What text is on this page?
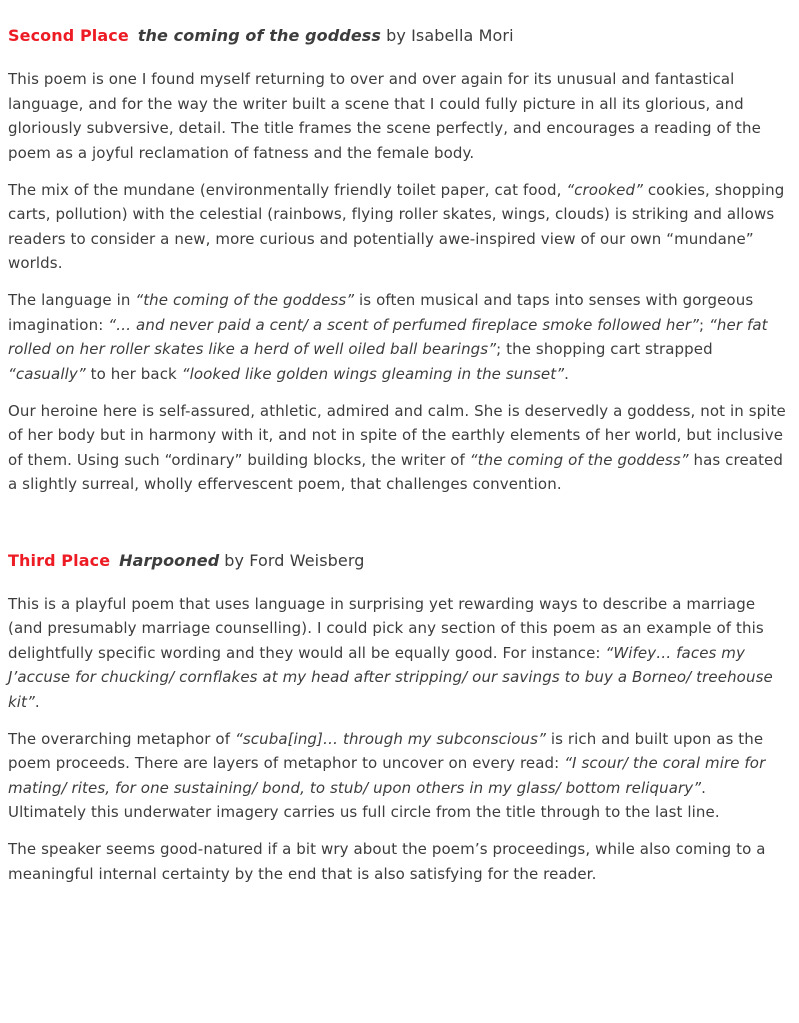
Second Place the coming of the goddess by Isabella Mori

This poem is one I found myself returning to over and over again for its unusual and fantastical language, and for the way the writer built a scene that I could fully picture in all its glorious, and gloriously subversive, detail. The title frames the scene perfectly, and encourages a reading of the poem as a joyful reclamation of fatness and the female body.

The mix of the mundane (environmentally friendly toilet paper, cat food, “crooked” cookies, shopping carts, pollution) with the celestial (rainbows, flying roller skates, wings, clouds) is striking and allows readers to consider a new, more curious and potentially awe-inspired view of our own “mundane” worlds.

The language in “the coming of the goddess” is often musical and taps into senses with gorgeous imagination: “… and never paid a cent/ a scent of perfumed fireplace smoke followed her”; “her fat rolled on her roller skates like a herd of well oiled ball bearings”; the shopping cart strapped “casually” to her back “looked like golden wings gleaming in the sunset”.

Our heroine here is self-assured, athletic, admired and calm. She is deservedly a goddess, not in spite of her body but in harmony with it, and not in spite of the earthly elements of her world, but inclusive of them. Using such “ordinary” building blocks, the writer of “the coming of the goddess” has created a slightly surreal, wholly effervescent poem, that challenges convention.

Third Place Harpooned by Ford Weisberg

This is a playful poem that uses language in surprising yet rewarding ways to describe a marriage (and presumably marriage counselling). I could pick any section of this poem as an example of this delightfully specific wording and they would all be equally good. For instance: “Wifey… faces my J’accuse for chucking/ cornflakes at my head after stripping/ our savings to buy a Borneo/ treehouse kit”.

The overarching metaphor of “scuba[ing]… through my subconscious” is rich and built upon as the poem proceeds. There are layers of metaphor to uncover on every read: “I scour/ the coral mire for mating/ rites, for one sustaining/ bond, to stub/ upon others in my glass/ bottom reliquary”. Ultimately this underwater imagery carries us full circle from the title through to the last line.

The speaker seems good-natured if a bit wry about the poem’s proceedings, while also coming to a meaningful internal certainty by the end that is also satisfying for the reader.
